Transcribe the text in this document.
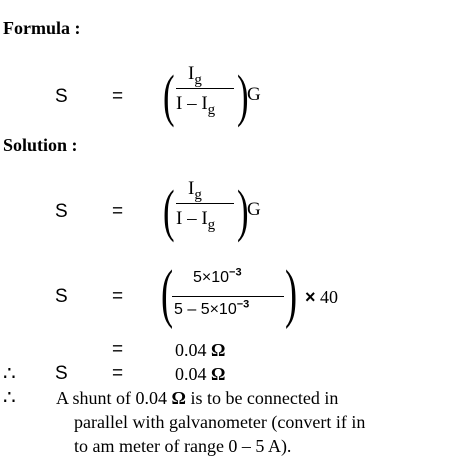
Formula :
S = ( $I_g$
I – $I_g$ )
G
Solution :
S = ( $I_g$
I – $I_g$ )
G
S = ( $5\times 10^{-3}$
$5 - 5\times 10^{-3}$ ) × 40
=	0.04 Ω
∴ S =	0.04 Ω
∴ A shunt of 0.04 Ω is to be connected in
parallel with galvanometer (convert if in
to am meter of range 0 – 5 A).
